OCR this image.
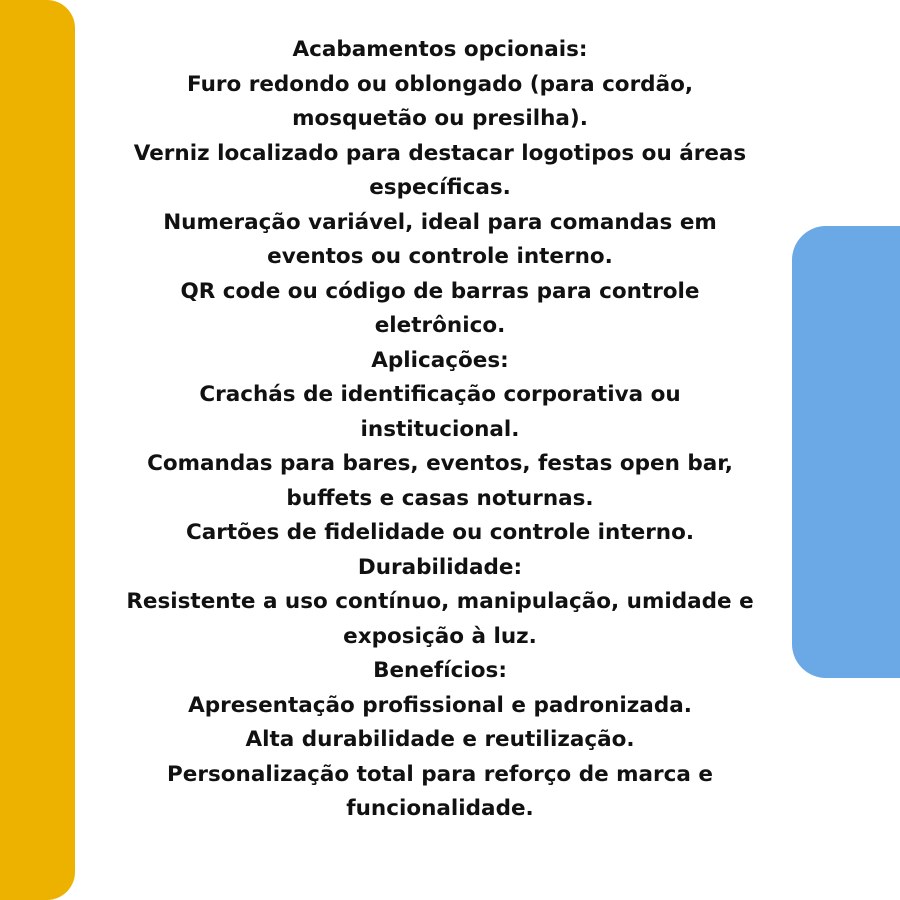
Acabamentos opcionais:
Furo redondo ou oblongado (para cordão,
mosquetão ou presilha).
Verniz localizado para destacar logotipos ou áreas
específicas.
Numeração variável, ideal para comandas em
eventos ou controle interno.
QR code ou código de barras para controle
eletrônico.
Aplicações:
Crachás de identificação corporativa ou
institucional.
Comandas para bares, eventos, festas open bar,
buffets e casas noturnas.
Cartões de fidelidade ou controle interno.
Durabilidade:
Resistente a uso contínuo, manipulação, umidade e
exposição à luz.
Benefícios:
Apresentação profissional e padronizada.
Alta durabilidade e reutilização.
Personalização total para reforço de marca e
funcionalidade.
